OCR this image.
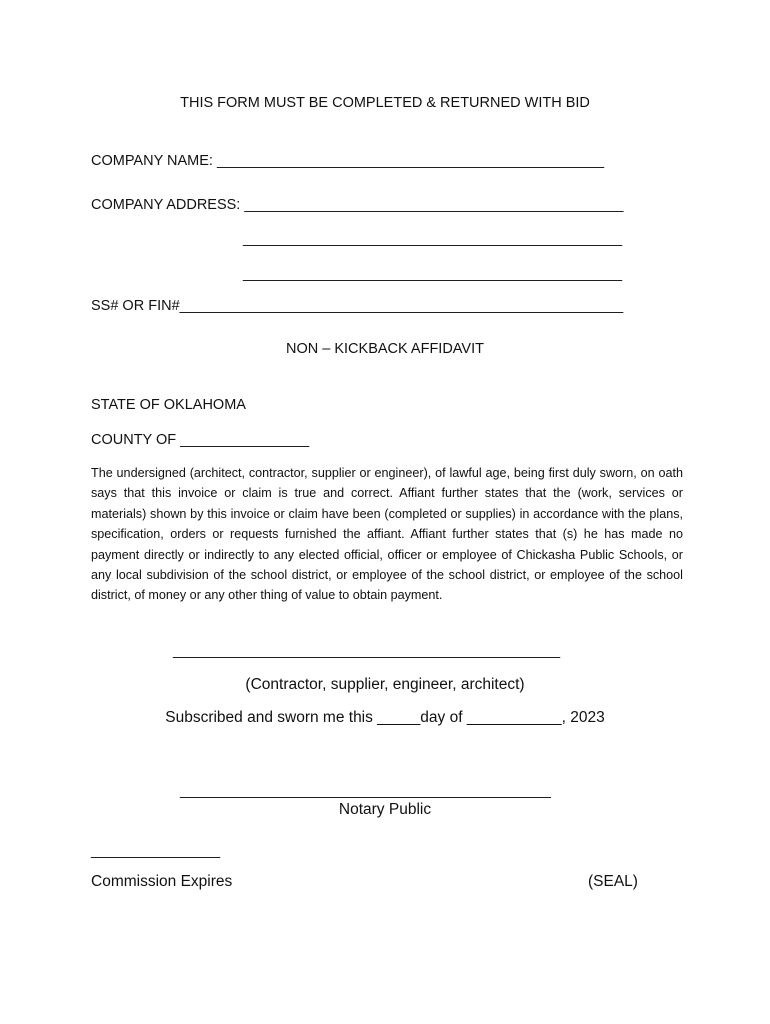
THIS FORM MUST BE COMPLETED & RETURNED WITH BID
COMPANY NAME: ________________________________________________
COMPANY ADDRESS: _______________________________________________
_______________________________________________
_______________________________________________
SS# OR FIN#_______________________________________________________
NON – KICKBACK AFFIDAVIT
STATE OF OKLAHOMA
COUNTY OF ________________
The undersigned (architect, contractor, supplier or engineer), of lawful age, being first duly sworn, on oath says that this invoice or claim is true and correct. Affiant further states that the (work, services or materials) shown by this invoice or claim have been (completed or supplies) in accordance with the plans, specification, orders or requests furnished the affiant. Affiant further states that (s) he has made no payment directly or indirectly to any elected official, officer or employee of Chickasha Public Schools, or any local subdivision of the school district, or employee of the school district, or employee of the school district, of money or any other thing of value to obtain payment.
________________________________________________
(Contractor, supplier, engineer, architect)
Subscribed and sworn me this _____day of ___________, 2023
______________________________________________
Notary Public
________________
Commission Expires	(SEAL)
